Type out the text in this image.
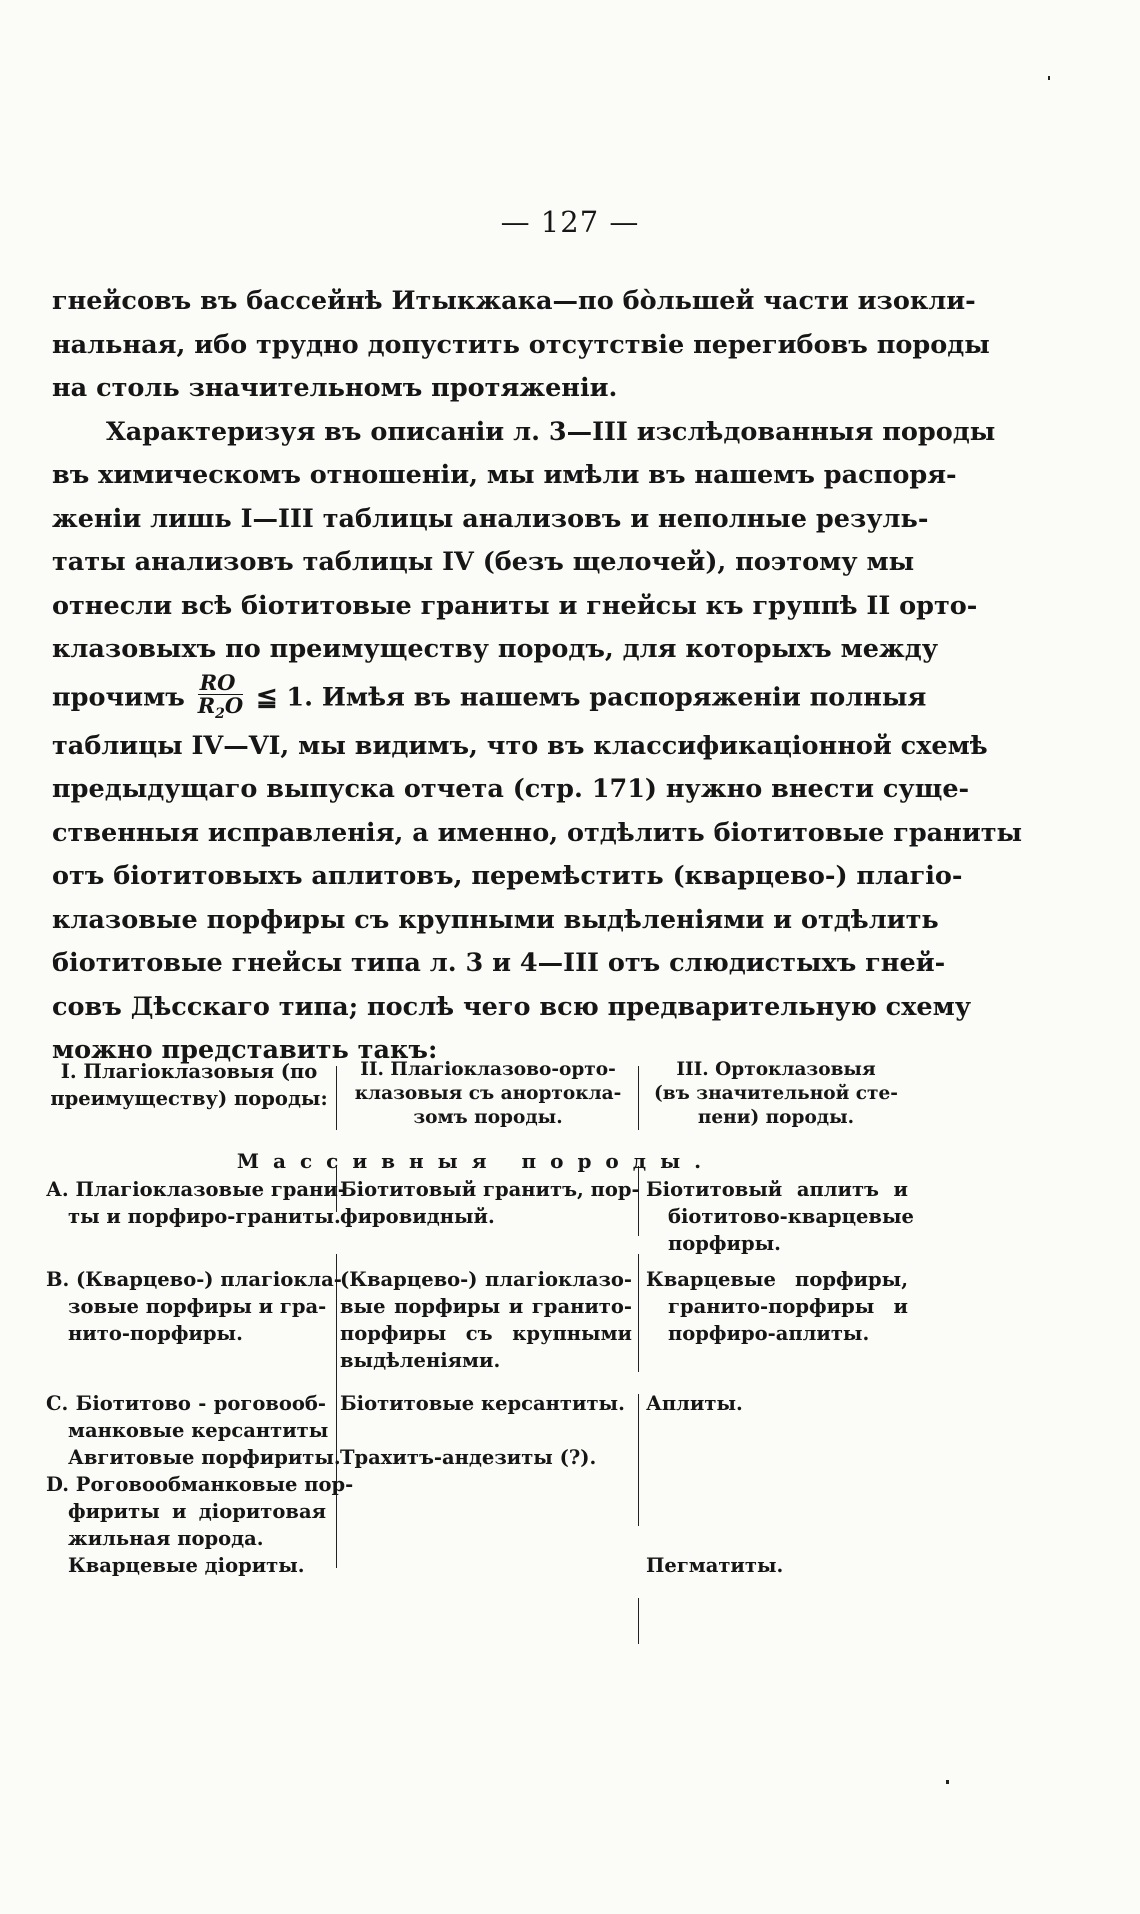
— 127 —
гнейсовъ въ бассейнѣ Итыкжака—по бо̀льшей части изокли-
нальная, ибо трудно допустить отсутствіе перегибовъ породы
на столь значительномъ протяженіи.
Характеризуя въ описаніи л. 3—III изслѣдованныя породы
въ химическомъ отношеніи, мы имѣли въ нашемъ распоря-
женіи лишь I—III таблицы анализовъ и неполные резуль-
таты анализовъ таблицы IV (безъ щелочей), поэтому мы
отнесли всѣ біотитовые граниты и гнейсы къ группѣ II орто-
клазовыхъ по преимуществу породъ, для которыхъ между
прочимъ $\frac{RO}{R_2O}$ ≦ 1. Имѣя въ нашемъ распоряженіи полныя
таблицы IV—VI, мы видимъ, что въ классификаціонной схемѣ
предыдущаго выпуска отчета (стр. 171) нужно внести суще-
ственныя исправленія, а именно, отдѣлить біотитовые граниты
отъ біотитовыхъ аплитовъ, перемѣстить (кварцево-) плагіо-
клазовые порфиры съ крупными выдѣленіями и отдѣлить
біотитовые гнейсы типа л. 3 и 4—III отъ слюдистыхъ гней-
совъ Дѣсскаго типа; послѣ чего всю предварительную схему
можно представить такъ:
I. Плагіоклазовыя (по
преимуществу) породы:
II. Плагіоклазово-орто-
клазовыя съ анортокла-
зомъ породы.
III. Ортоклазовыя
(въ значительной сте-
пени) породы.
Массивныя породы.
А. Плагіоклазовые грани-
ты и порфиро-граниты.
Біотитовый гранитъ, пор-
фировидный.
Біотитовый аплитъ и
біотитово-кварцевые
порфиры.
В. (Кварцево-) плагіокла-
зовые порфиры и гра-
нито-порфиры.
(Кварцево-) плагіоклазо-
вые порфиры и гранито-
порфиры съ крупными
выдѣленіями.
Кварцевые порфиры,
гранито-порфиры и
порфиро-аплиты.
С. Біотитово - роговооб-
манковые керсантиты
Авгитовые порфириты.
Біотитовые керсантиты.

Трахитъ-андезиты (?).
Аплиты.
D. Роговообманковые пор-
фириты и діоритовая
жильная порода.
Кварцевые діориты.	Пегматиты.
